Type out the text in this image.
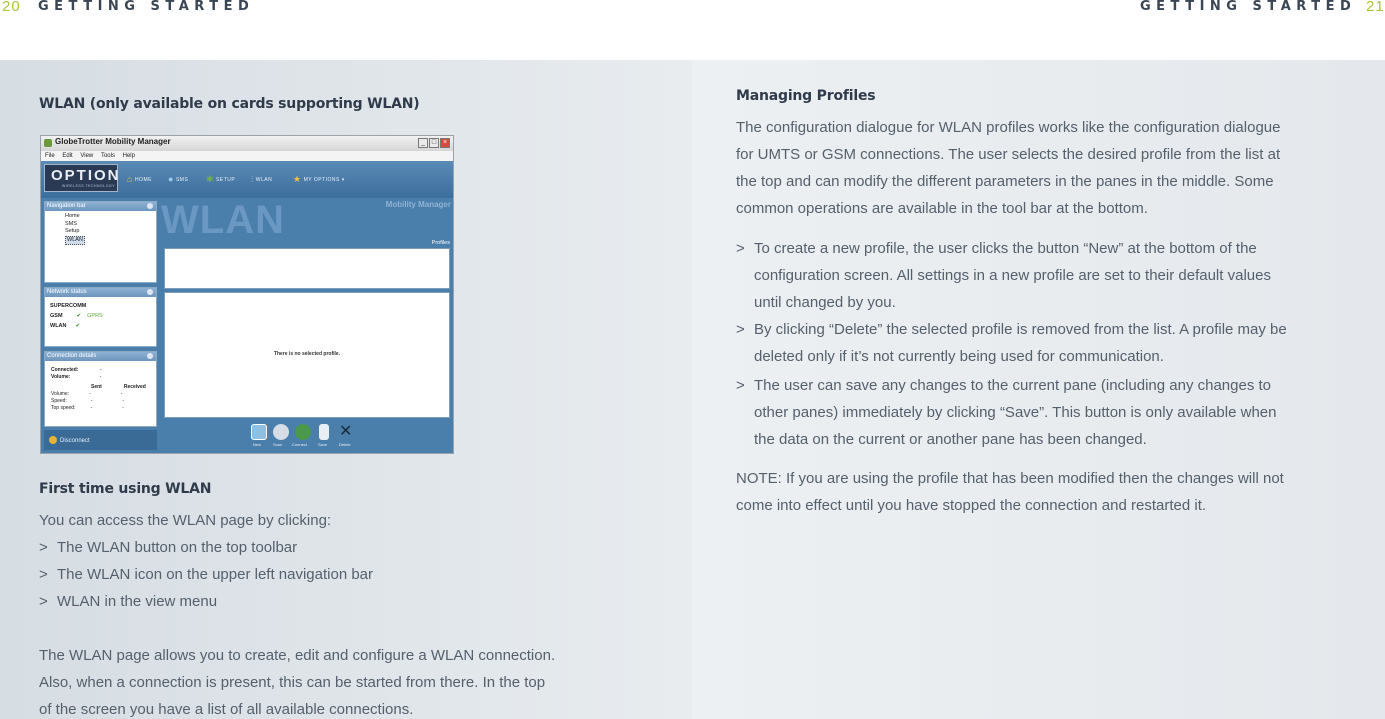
20 GETTING STARTED	GETTING STARTED 21
WLAN (only available on cards supporting WLAN)
GlobeTrotter Mobility Manager	_ □ ×
File Edit View Tools Help
OPTION
WIRELESS TECHNOLOGY
⌂ HOME ● SMS ✱ SETUP ⫶ WLAN ★ MY OPTIONS ▾
WLAN	Mobility Manager
Navigation bar
Home
SMS
Setup
WLAN
Network status
SUPERCOMM
GSM	✔ GPRS
WLAN ✔
Connection details
Connected:	-
Volume:	-
Sent	Received
Volume:	-	-
Speed:	-	-
Top speed:	-	-
Profiles
There is no selected profile.
New	Scan Connect	Save
✕
Delete
Disconnect
First time using WLAN
You can access the WLAN page by clicking:
> The WLAN button on the top toolbar
> The WLAN icon on the upper left navigation bar
> WLAN in the view menu
The WLAN page allows you to create, edit and configure a WLAN connection.
Also, when a connection is present, this can be started from there. In the top
of the screen you have a list of all available connections.
Managing Profiles
The configuration dialogue for WLAN profiles works like the configuration dialogue
for UMTS or GSM connections. The user selects the desired profile from the list at
the top and can modify the different parameters in the panes in the middle. Some
common operations are available in the tool bar at the bottom.
> To create a new profile, the user clicks the button “New” at the bottom of the
configuration screen. All settings in a new profile are set to their default values
until changed by you.
> By clicking “Delete” the selected profile is removed from the list. A profile may be
deleted only if it’s not currently being used for communication.
> The user can save any changes to the current pane (including any changes to
other panes) immediately by clicking “Save”. This button is only available when
the data on the current or another pane has been changed.
NOTE: If you are using the profile that has been modified then the changes will not
come into effect until you have stopped the connection and restarted it.
